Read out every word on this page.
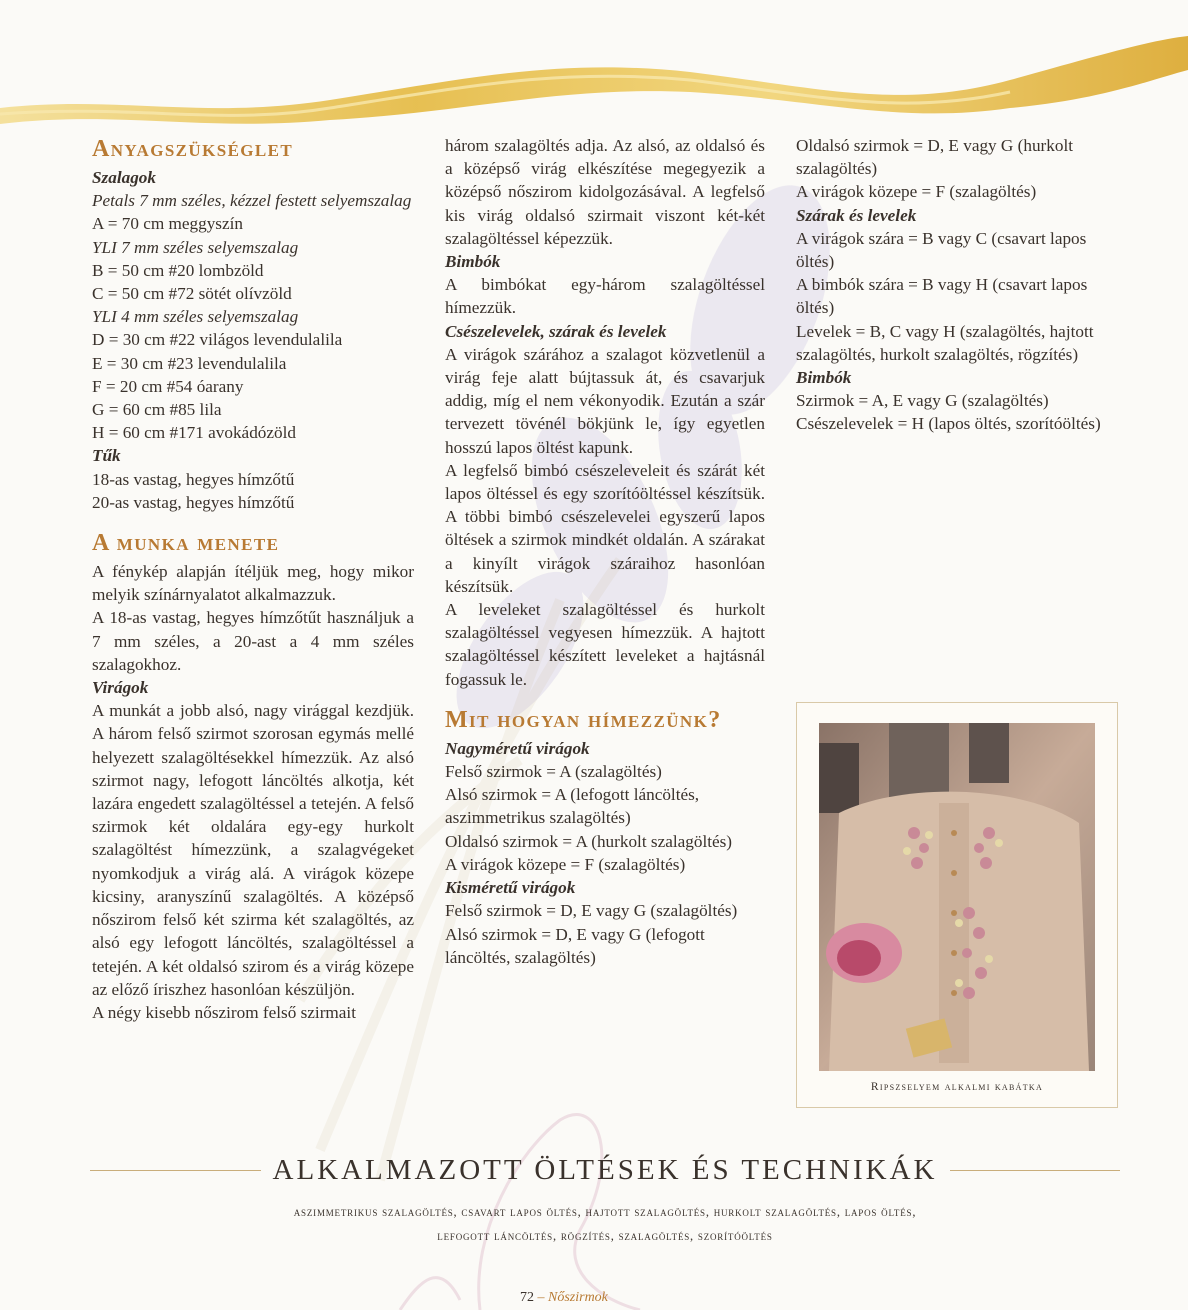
Anyagszükséglet

Szalagok

Petals 7 mm széles, kézzel festett selyemszalag

A = 70 cm meggyszín

YLI 7 mm széles selyemszalag

B = 50 cm #20 lombzöld

C = 50 cm #72 sötét olívzöld

YLI 4 mm széles selyemszalag

D = 30 cm #22 világos levendulalila

E = 30 cm #23 levendulalila

F = 20 cm #54 óarany

G = 60 cm #85 lila

H = 60 cm #171 avokádózöld

Tűk

18-as vastag, hegyes hímzőtű

20-as vastag, hegyes hímzőtű

A munka menete

A fénykép alapján ítéljük meg, hogy mikor melyik színárnyalatot alkalmazzuk.

A 18-as vastag, hegyes hímzőtűt használjuk a 7 mm széles, a 20-ast a 4 mm széles szalagokhoz.

Virágok

A munkát a jobb alsó, nagy virággal kezdjük. A három felső szirmot szorosan egymás mellé helyezett szalagöltésekkel hímezzük. Az alsó szirmot nagy, lefogott láncöltés alkotja, két lazára engedett szalagöltéssel a tetején. A felső szirmok két oldalára egy-egy hurkolt szalagöltést hímezzünk, a szalagvégeket nyomkodjuk a virág alá. A virágok közepe kicsiny, aranyszínű szalagöltés. A középső nőszirom felső két szirma két szalagöltés, az alsó egy lefogott láncöltés, szalagöltéssel a tetején. A két oldalsó szirom és a virág közepe az előző íriszhez hasonlóan készüljön.

A négy kisebb nőszirom felső szirmait

három szalagöltés adja. Az alsó, az oldalsó és a középső virág elkészítése megegyezik a középső nőszirom kidolgozásával. A legfelső kis virág oldalsó szirmait viszont két-két szalagöltéssel képezzük.

Bimbók

A bimbókat egy-három szalagöltéssel hímezzük.

Csészelevelek, szárak és levelek

A virágok szárához a szalagot közvetlenül a virág feje alatt bújtassuk át, és csavarjuk addig, míg el nem vékonyodik. Ezután a szár tervezett tövénél bökjünk le, így egyetlen hosszú lapos öltést kapunk.

A legfelső bimbó csészeleveleit és szárát két lapos öltéssel és egy szorítóöltéssel készítsük. A többi bimbó csészelevelei egyszerű lapos öltések a szirmok mindkét oldalán. A szárakat a kinyílt virágok száraihoz hasonlóan készítsük.

A leveleket szalagöltéssel és hurkolt szalagöltéssel vegyesen hímezzük. A hajtott szalagöltéssel készített leveleket a hajtásnál fogassuk le.

Mit hogyan hímezzünk?

Nagyméretű virágok

Felső szirmok = A (szalagöltés)

Alsó szirmok = A (lefogott láncöltés, aszimmetrikus szalagöltés)

Oldalsó szirmok = A (hurkolt szalagöltés)

A virágok közepe = F (szalagöltés)

Kisméretű virágok

Felső szirmok = D, E vagy G (szalagöltés)

Alsó szirmok = D, E vagy G (lefogott láncöltés, szalagöltés)

Oldalsó szirmok = D, E vagy G (hurkolt szalagöltés)

A virágok közepe = F (szalagöltés)

Szárak és levelek

A virágok szára = B vagy C (csavart lapos öltés)

A bimbók szára = B vagy H (csavart lapos öltés)

Levelek = B, C vagy H (szalagöltés, hajtott szalagöltés, hurkolt szalagöltés, rögzítés)

Bimbók

Szirmok = A, E vagy G (szalagöltés)

Csészelevelek = H (lapos öltés, szorítóöltés)

Ripszselyem alkalmi kabátka
ALKALMAZOTT ÖLTÉSEK ÉS TECHNIKÁK
aszimmetrikus szalagöltés, csavart lapos öltés, hajtott szalagöltés, hurkolt szalagöltés, lapos öltés,
lefogott láncöltés, rögzítés, szalagöltés, szorítóöltés
72 – Nőszirmok
